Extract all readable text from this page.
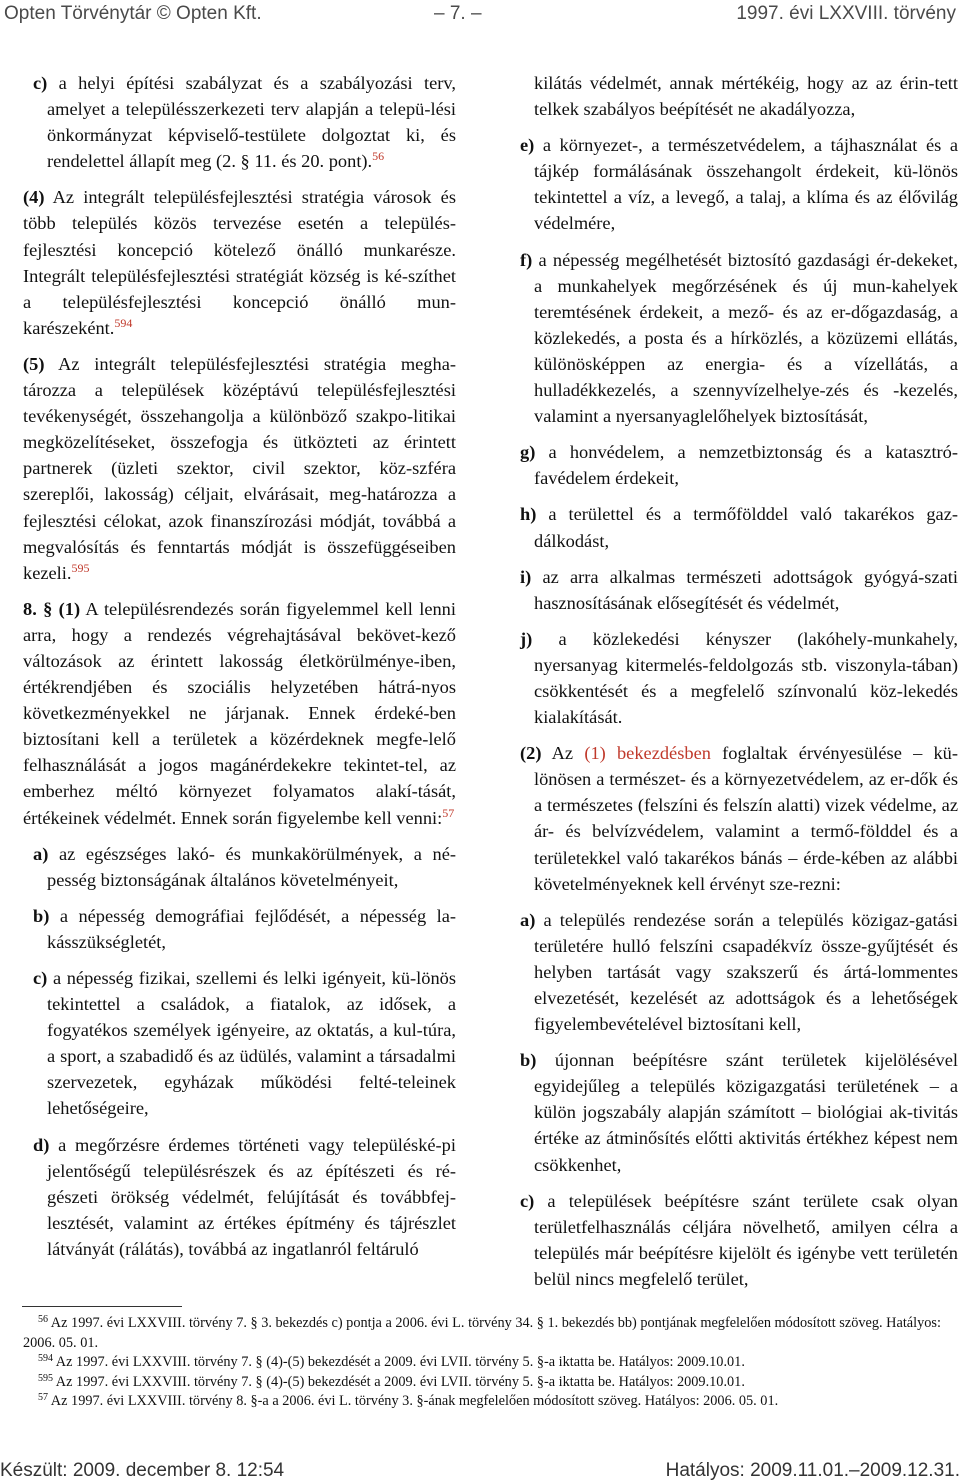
Opten Törvénytár © Opten Kft.	– 7. –	1997. évi LXXVIII. törvény

c) a helyi építési szabályzat és a szabályozási terv, amelyet a településszerkezeti terv alapján a telepü-lési önkormányzat képviselő-testülete dolgoztat ki, és rendelettel állapít meg (2. § 11. és 20. pont).$^{56}$

(4) Az integrált településfejlesztési stratégia városok és több település közös tervezése esetén a település-fejlesztési koncepció kötelező önálló munkarésze. Integrált településfejlesztési stratégiát község is ké-szíthet a településfejlesztési koncepció önálló mun-karészeként.$^{594}$

(5) Az integrált településfejlesztési stratégia megha-tározza a települések középtávú településfejlesztési tevékenységét, összehangolja a különböző szakpo-litikai megközelítéseket, összefogja és ütközteti az érintett partnerek (üzleti szektor, civil szektor, köz-szféra szereplői, lakosság) céljait, elvárásait, meg-határozza a fejlesztési célokat, azok finanszírozási módját, továbbá a megvalósítás és fenntartás módját is összefüggéseiben kezeli.$^{595}$

8. § (1) A településrendezés során figyelemmel kell lenni arra, hogy a rendezés végrehajtásával bekövet-kező változások az érintett lakosság életkörülménye-iben, értékrendjében és szociális helyzetében hátrá-nyos következményekkel ne járjanak. Ennek érdeké-ben biztosítani kell a területek a közérdeknek megfe-lelő felhasználását a jogos magánérdekekre tekintet-tel, az emberhez méltó környezet folyamatos alakí-tását, értékeinek védelmét. Ennek során figyelembe kell venni:$^{57}$

a) az egészséges lakó- és munkakörülmények, a né-pesség biztonságának általános követelményeit,

b) a népesség demográfiai fejlődését, a népesség la-kásszükségletét,

c) a népesség fizikai, szellemi és lelki igényeit, kü-lönös tekintettel a családok, a fiatalok, az idősek, a fogyatékos személyek igényeire, az oktatás, a kul-túra, a sport, a szabadidő és az üdülés, valamint a társadalmi szervezetek, egyházak működési felté-teleinek lehetőségeire,

d) a megőrzésre érdemes történeti vagy településké-pi jelentőségű településrészek és az építészeti és ré-gészeti örökség védelmét, felújítását és továbbfej-lesztését, valamint az értékes építmény és tájrészlet látványát (rálátás), továbbá az ingatlanról feltáruló

kilátás védelmét, annak mértékéig, hogy az az érin-tett telkek szabályos beépítését ne akadályozza,

e) a környezet-, a természetvédelem, a tájhasználat és a tájkép formálásának összehangolt érdekeit, kü-lönös tekintettel a víz, a levegő, a talaj, a klíma és az élővilág védelmére,

f) a népesség megélhetését biztosító gazdasági ér-dekeket, a munkahelyek megőrzésének és új mun-kahelyek teremtésének érdekeit, a mező- és az er-dőgazdaság, a közlekedés, a posta és a hírközlés, a közüzemi ellátás, különösképpen az energia- és a vízellátás, a hulladékkezelés, a szennyvízelhelye-zés és -kezelés, valamint a nyersanyaglelőhelyek biztosítását,

g) a honvédelem, a nemzetbiztonság és a katasztró-favédelem érdekeit,

h) a területtel és a termőfölddel való takarékos gaz-dálkodást,

i) az arra alkalmas természeti adottságok gyógyá-szati hasznosításának elősegítését és védelmét,

j) a közlekedési kényszer (lakóhely-munkahely, nyersanyag kitermelés-feldolgozás stb. viszonyla-tában) csökkentését és a megfelelő színvonalú köz-lekedés kialakítását.

(2) Az (1) bekezdésben foglaltak érvényesülése – kü-lönösen a természet- és a környezetvédelem, az er-dők és a természetes (felszíni és felszín alatti) vizek védelme, az ár- és belvízvédelem, valamint a termő-földdel és a területekkel való takarékos bánás – érde-kében az alábbi követelményeknek kell érvényt sze-rezni:

a) a település rendezése során a település közigaz-gatási területére hulló felszíni csapadékvíz össze-gyűjtését és helyben tartását vagy szakszerű és ártá-lommentes elvezetését, kezelését az adottságok és a lehetőségek figyelembevételével biztosítani kell,

b) újonnan beépítésre szánt területek kijelölésével egyidejűleg a település közigazgatási területének – a külön jogszabály alapján számított – biológiai ak-tivitás értéke az átminősítés előtti aktivitás értékhez képest nem csökkenhet,

c) a települések beépítésre szánt területe csak olyan területfelhasználás céljára növelhető, amilyen célra a település már beépítésre kijelölt és igénybe vett területén belül nincs megfelelő terület,

$^{56}$ Az 1997. évi LXXVIII. törvény 7. § 3. bekezdés c) pontja a 2006. évi L. törvény 34. § 1. bekezdés bb) pontjának megfelelően módosított szöveg. Hatályos: 2006. 05. 01.
$^{594}$ Az 1997. évi LXXVIII. törvény 7. § (4)-(5) bekezdését a 2009. évi LVII. törvény 5. §-a iktatta be. Hatályos: 2009.10.01.
$^{595}$ Az 1997. évi LXXVIII. törvény 7. § (4)-(5) bekezdését a 2009. évi LVII. törvény 5. §-a iktatta be. Hatályos: 2009.10.01.
$^{57}$ Az 1997. évi LXXVIII. törvény 8. §-a a 2006. évi L. törvény 3. §-ának megfelelően módosított szöveg. Hatályos: 2006. 05. 01.
Készült: 2009. december 8. 12:54	Hatályos: 2009.11.01.–2009.12.31.
